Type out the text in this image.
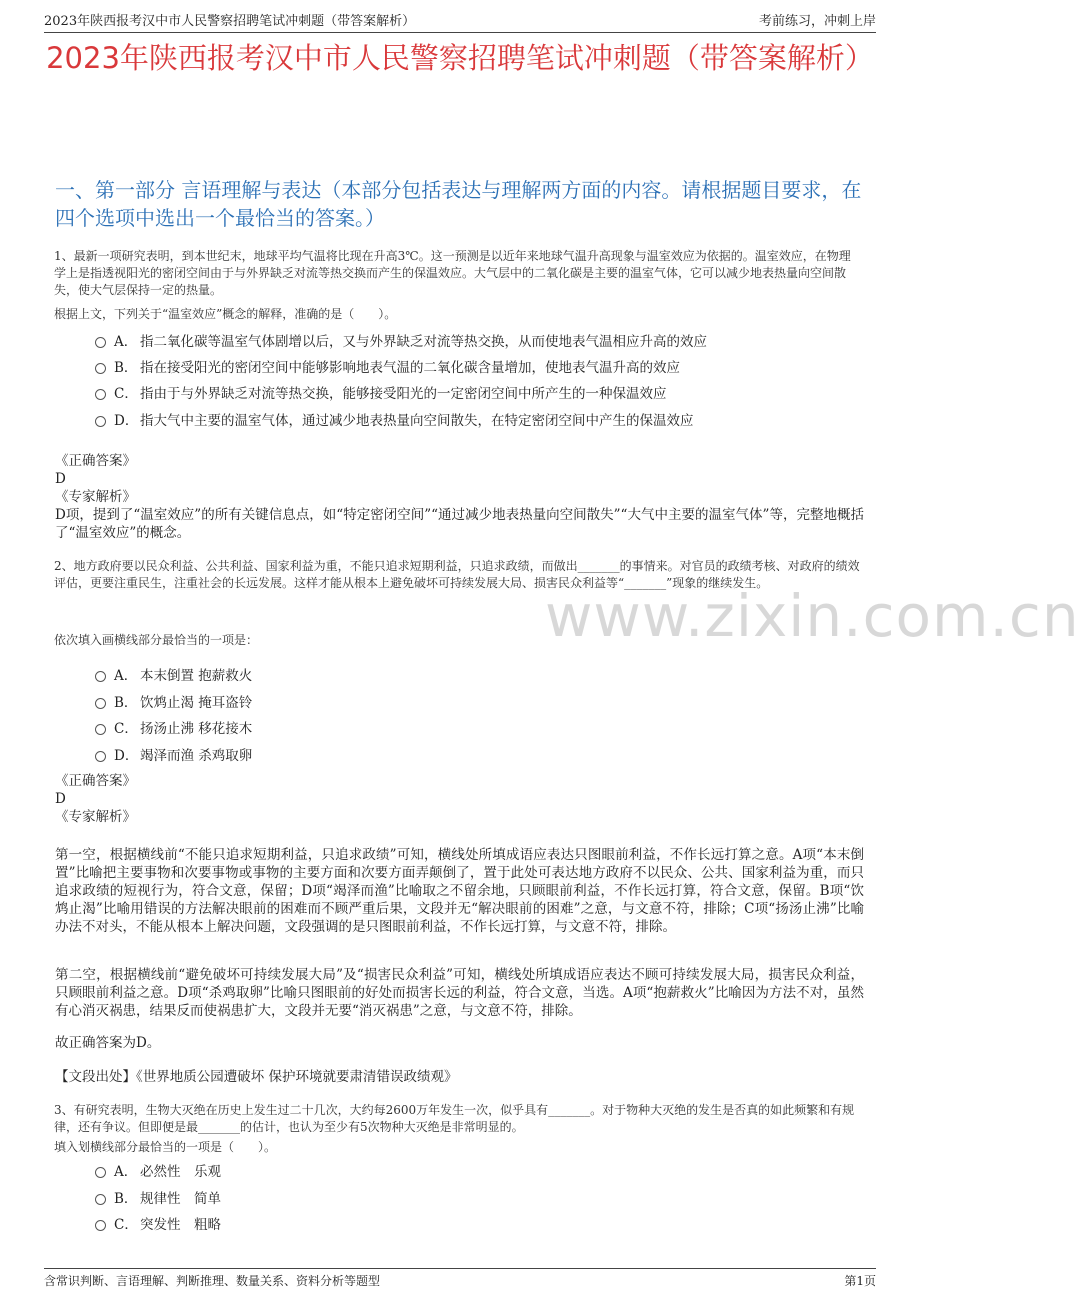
2023年陕西报考汉中市人民警察招聘笔试冲刺题（带答案解析）	考前练习，冲刺上岸
2023年陕西报考汉中市人民警察招聘笔试冲刺题（带答案解析）
一、第一部分 言语理解与表达（本部分包括表达与理解两方面的内容。请根据题目要求，在四个选项中选出一个最恰当的答案。）
1、最新一项研究表明，到本世纪末，地球平均气温将比现在升高3℃。这一预测是以近年来地球气温升高现象与温室效应为依据的。温室效应，在物理学上是指透视阳光的密闭空间由于与外界缺乏对流等热交换而产生的保温效应。大气层中的二氧化碳是主要的温室气体，它可以减少地表热量向空间散失，使大气层保持一定的热量。
根据上文，下列关于“温室效应”概念的解释，准确的是（　　）。
A． 指二氧化碳等温室气体剧增以后，又与外界缺乏对流等热交换，从而使地表气温相应升高的效应
B． 指在接受阳光的密闭空间中能够影响地表气温的二氧化碳含量增加，使地表气温升高的效应
C． 指由于与外界缺乏对流等热交换，能够接受阳光的一定密闭空间中所产生的一种保温效应
D． 指大气中主要的温室气体，通过减少地表热量向空间散失，在特定密闭空间中产生的保温效应
《正确答案》
D
《专家解析》
D项，提到了“温室效应”的所有关键信息点，如“特定密闭空间”“通过减少地表热量向空间散失”“大气中主要的温室气体”等，完整地概括了“温室效应”的概念。
2、地方政府要以民众利益、公共利益、国家利益为重，不能只追求短期利益，只追求政绩，而做出_______的事情来。对官员的政绩考核、对政府的绩效评估，更要注重民生，注重社会的长远发展。这样才能从根本上避免破坏可持续发展大局、损害民众利益等“_______”现象的继续发生。
依次填入画横线部分最恰当的一项是：	www.zixin.com.cn
A． 本末倒置 抱薪救火
B． 饮鸩止渴 掩耳盗铃
C． 扬汤止沸 移花接木
D． 竭泽而渔 杀鸡取卵
《正确答案》
D
《专家解析》
第一空，根据横线前“不能只追求短期利益，只追求政绩”可知，横线处所填成语应表达只图眼前利益，不作长远打算之意。A项“本末倒置”比喻把主要事物和次要事物或事物的主要方面和次要方面弄颠倒了，置于此处可表达地方政府不以民众、公共、国家利益为重，而只追求政绩的短视行为，符合文意，保留；D项“竭泽而渔”比喻取之不留余地，只顾眼前利益，不作长远打算，符合文意，保留。B项“饮鸩止渴”比喻用错误的方法解决眼前的困难而不顾严重后果，文段并无“解决眼前的困难”之意，与文意不符，排除；C项“扬汤止沸”比喻办法不对头，不能从根本上解决问题，文段强调的是只图眼前利益，不作长远打算，与文意不符，排除。
第二空，根据横线前“避免破坏可持续发展大局”及“损害民众利益”可知，横线处所填成语应表达不顾可持续发展大局，损害民众利益，只顾眼前利益之意。D项“杀鸡取卵”比喻只图眼前的好处而损害长远的利益，符合文意，当选。A项“抱薪救火”比喻因为方法不对，虽然有心消灭祸患，结果反而使祸患扩大，文段并无要“消灭祸患”之意，与文意不符，排除。
故正确答案为D。
【文段出处】《世界地质公园遭破坏 保护环境就要肃清错误政绩观》
3、有研究表明，生物大灭绝在历史上发生过二十几次，大约每2600万年发生一次，似乎具有_______。对于物种大灭绝的发生是否真的如此频繁和有规律，还有争议。但即便是最_______的估计，也认为至少有5次物种大灭绝是非常明显的。
填入划横线部分最恰当的一项是（　　）。
A． 必然性　乐观
B． 规律性　简单
C． 突发性　粗略
含常识判断、言语理解、判断推理、数量关系、资料分析等题型	第1页
